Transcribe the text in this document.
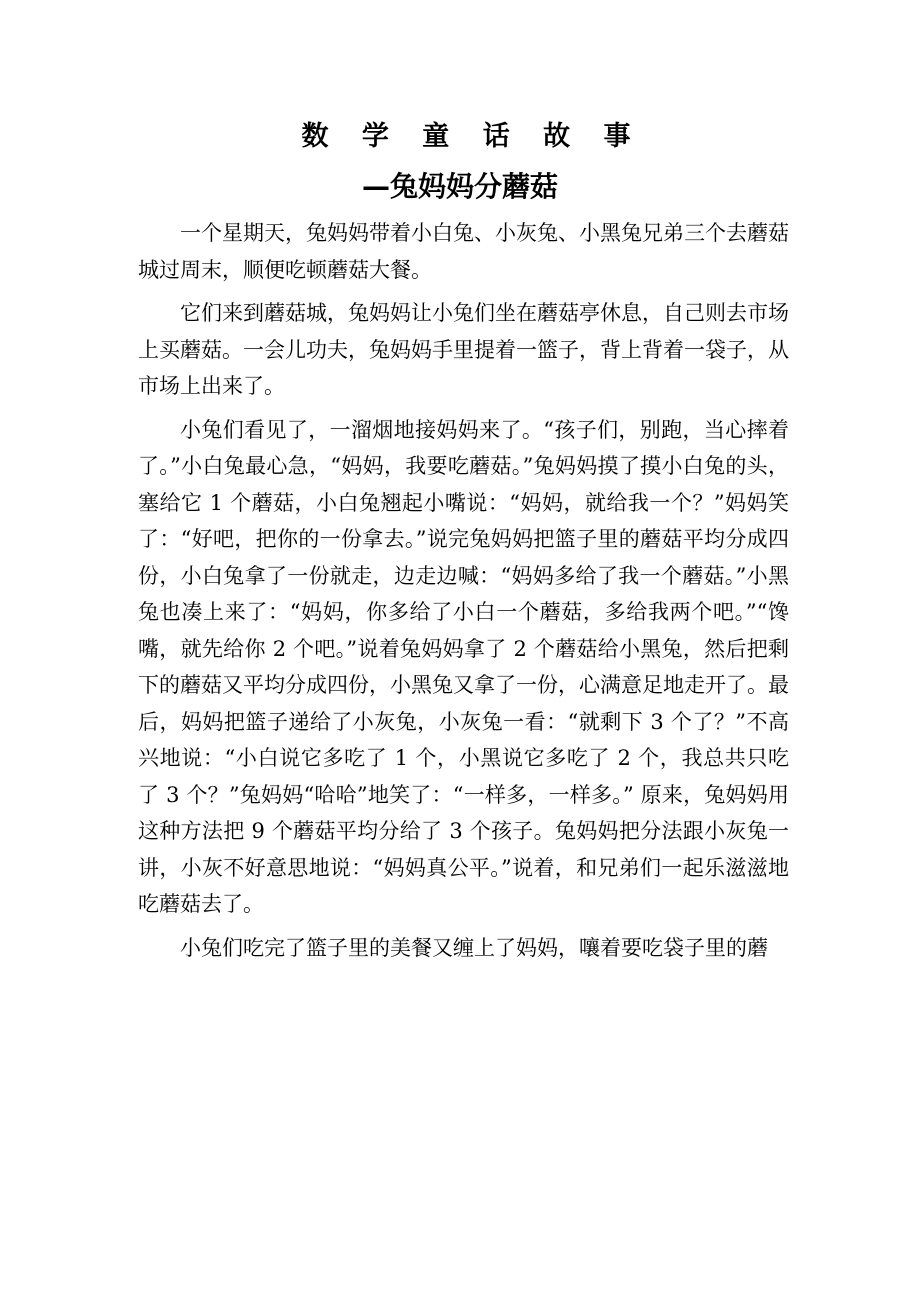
数 学 童 话 故 事
—兔妈妈分蘑菇

一个星期天，兔妈妈带着小白兔、小灰兔、小黑兔兄弟三个去蘑菇城过周末，顺便吃顿蘑菇大餐。

它们来到蘑菇城，兔妈妈让小兔们坐在蘑菇亭休息，自己则去市场上买蘑菇。一会儿功夫，兔妈妈手里提着一篮子，背上背着一袋子，从市场上出来了。

小兔们看见了，一溜烟地接妈妈来了。“孩子们，别跑，当心摔着了。”小白兔最心急，“妈妈，我要吃蘑菇。”兔妈妈摸了摸小白兔的头，塞给它 1 个蘑菇，小白兔翘起小嘴说：“妈妈，就给我一个？”妈妈笑了：“好吧，把你的一份拿去。”说完兔妈妈把篮子里的蘑菇平均分成四份，小白兔拿了一份就走，边走边喊：“妈妈多给了我一个蘑菇。”小黑兔也凑上来了：“妈妈，你多给了小白一个蘑菇，多给我两个吧。”“馋嘴，就先给你 2 个吧。”说着兔妈妈拿了 2 个蘑菇给小黑兔，然后把剩下的蘑菇又平均分成四份，小黑兔又拿了一份，心满意足地走开了。最后，妈妈把篮子递给了小灰兔，小灰兔一看：“就剩下 3 个了？”不高兴地说：“小白说它多吃了 1 个，小黑说它多吃了 2 个，我总共只吃了 3 个？”兔妈妈“哈哈”地笑了：“一样多，一样多。” 原来，兔妈妈用这种方法把 9 个蘑菇平均分给了 3 个孩子。兔妈妈把分法跟小灰兔一讲，小灰不好意思地说：“妈妈真公平。”说着，和兄弟们一起乐滋滋地吃蘑菇去了。

小兔们吃完了篮子里的美餐又缠上了妈妈，嚷着要吃袋子里的蘑
